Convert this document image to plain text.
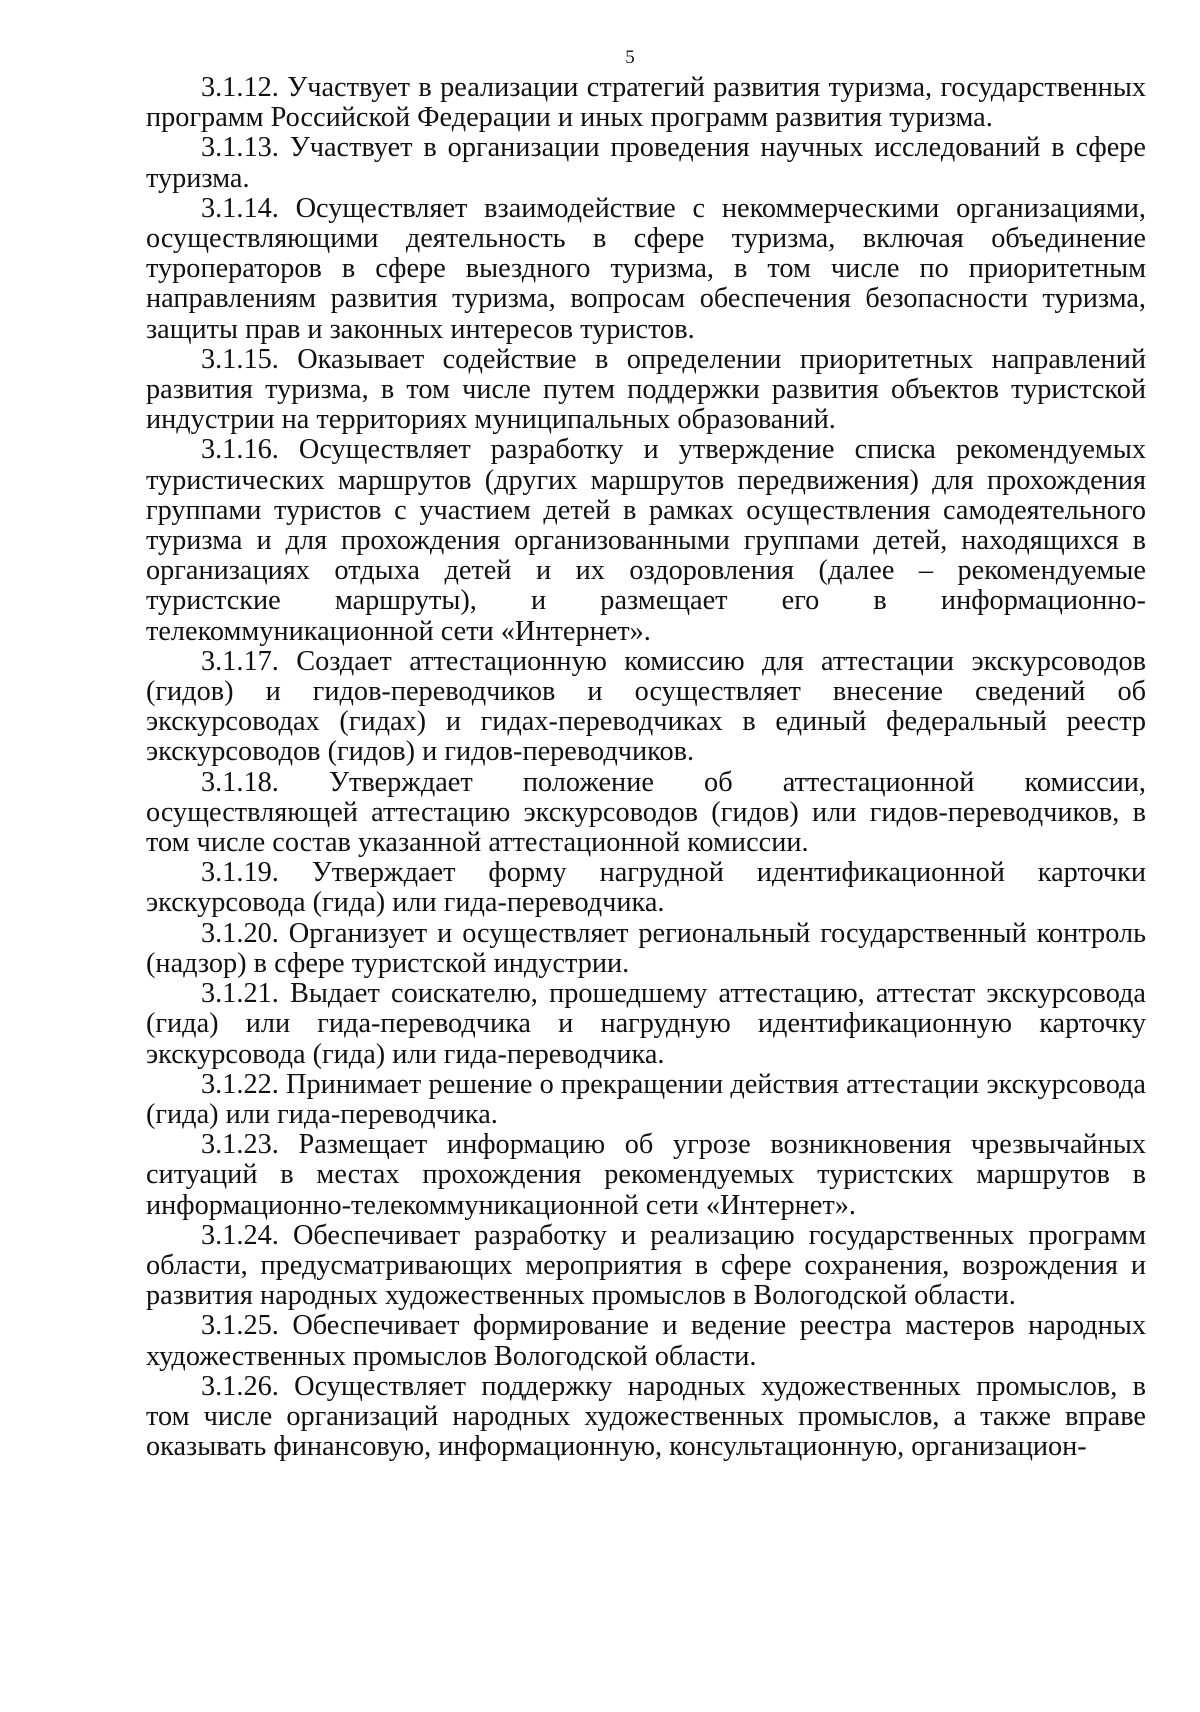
5

3.1.12. Участвует в реализации стратегий развития туризма, государственных программ Российской Федерации и иных программ развития туризма.

3.1.13. Участвует в организации проведения научных исследований в сфере туризма.

3.1.14. Осуществляет взаимодействие с некоммерческими организациями, осуществляющими деятельность в сфере туризма, включая объединение туроператоров в сфере выездного туризма, в том числе по приоритетным направлениям развития туризма, вопросам обеспечения безопасности туризма, защиты прав и законных интересов туристов.

3.1.15. Оказывает содействие в определении приоритетных направлений развития туризма, в том числе путем поддержки развития объектов туристской индустрии на территориях муниципальных образований.

3.1.16. Осуществляет разработку и утверждение списка рекомендуемых туристических маршрутов (других маршрутов передвижения) для прохождения группами туристов с участием детей в рамках осуществления самодеятельного туризма и для прохождения организованными группами детей, находящихся в организациях отдыха детей и их оздоровления (далее – рекомендуемые туристские маршруты), и размещает его в информационно-телекоммуникационной сети «Интернет».

3.1.17. Создает аттестационную комиссию для аттестации экскурсоводов (гидов) и гидов-переводчиков и осуществляет внесение сведений об экскурсоводах (гидах) и гидах-переводчиках в единый федеральный реестр экскурсоводов (гидов) и гидов-переводчиков.

3.1.18. Утверждает положение об аттестационной комиссии, осуществляющей аттестацию экскурсоводов (гидов) или гидов-переводчиков, в том числе состав указанной аттестационной комиссии.

3.1.19. Утверждает форму нагрудной идентификационной карточки экскурсовода (гида) или гида-переводчика.

3.1.20. Организует и осуществляет региональный государственный контроль (надзор) в сфере туристской индустрии.

3.1.21. Выдает соискателю, прошедшему аттестацию, аттестат экскурсовода (гида) или гида-переводчика и нагрудную идентификационную карточку экскурсовода (гида) или гида-переводчика.

3.1.22. Принимает решение о прекращении действия аттестации экскурсовода (гида) или гида-переводчика.

3.1.23. Размещает информацию об угрозе возникновения чрезвычайных ситуаций в местах прохождения рекомендуемых туристских маршрутов в информационно-телекоммуникационной сети «Интернет».

3.1.24. Обеспечивает разработку и реализацию государственных программ области, предусматривающих мероприятия в сфере сохранения, возрождения и развития народных художественных промыслов в Вологодской области.

3.1.25. Обеспечивает формирование и ведение реестра мастеров народных художественных промыслов Вологодской области.

3.1.26. Осуществляет поддержку народных художественных промыслов, в том числе организаций народных художественных промыслов, а также вправе оказывать финансовую, информационную, консультационную, организацион-
